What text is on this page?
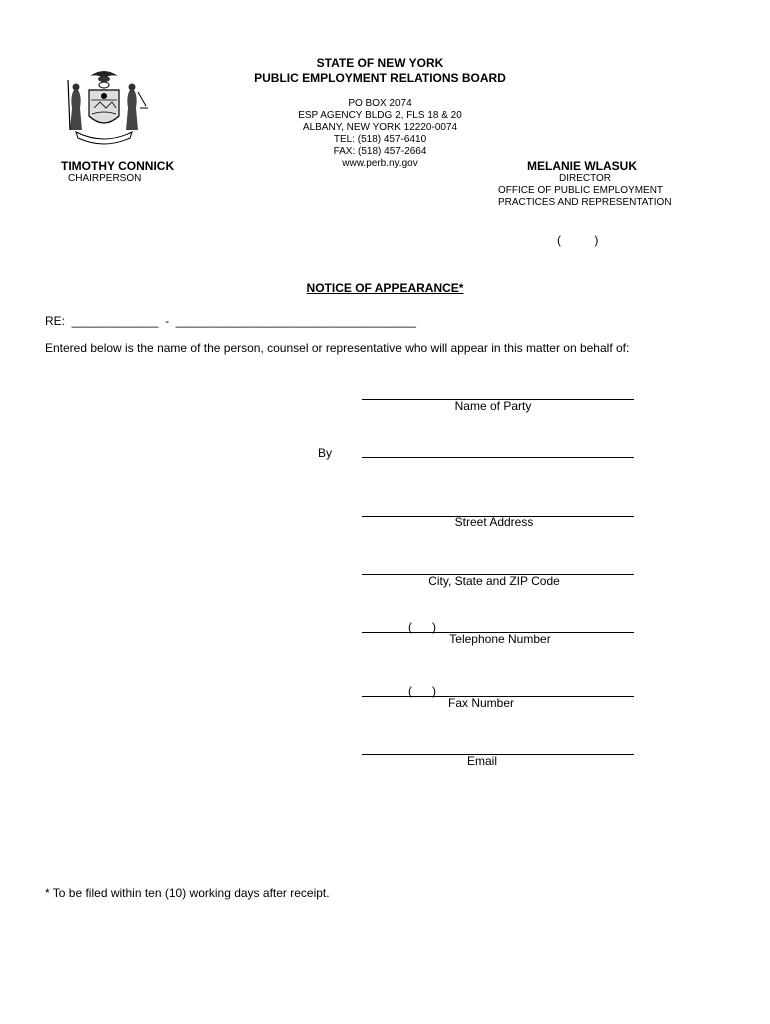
STATE OF NEW YORK
PUBLIC EMPLOYMENT RELATIONS BOARD
PO BOX 2074
ESP AGENCY BLDG 2, FLS 18 & 20
ALBANY, NEW YORK 12220-0074
TEL: (518) 457-6410
FAX: (518) 457-2664
www.perb.ny.gov
TIMOTHY CONNICK
CHAIRPERSON
MELANIE WLASUK
DIRECTOR
OFFICE OF PUBLIC EMPLOYMENT
PRACTICES AND REPRESENTATION
(          )
NOTICE OF APPEARANCE*
RE:  _____________  -  ____________________________________
Entered below is the name of the person, counsel or representative who will appear in this matter on behalf of:
Name of Party
By
Street Address
City, State and ZIP Code
(      )
Telephone Number
(      )
Fax Number
Email
* To be filed within ten (10) working days after receipt.
